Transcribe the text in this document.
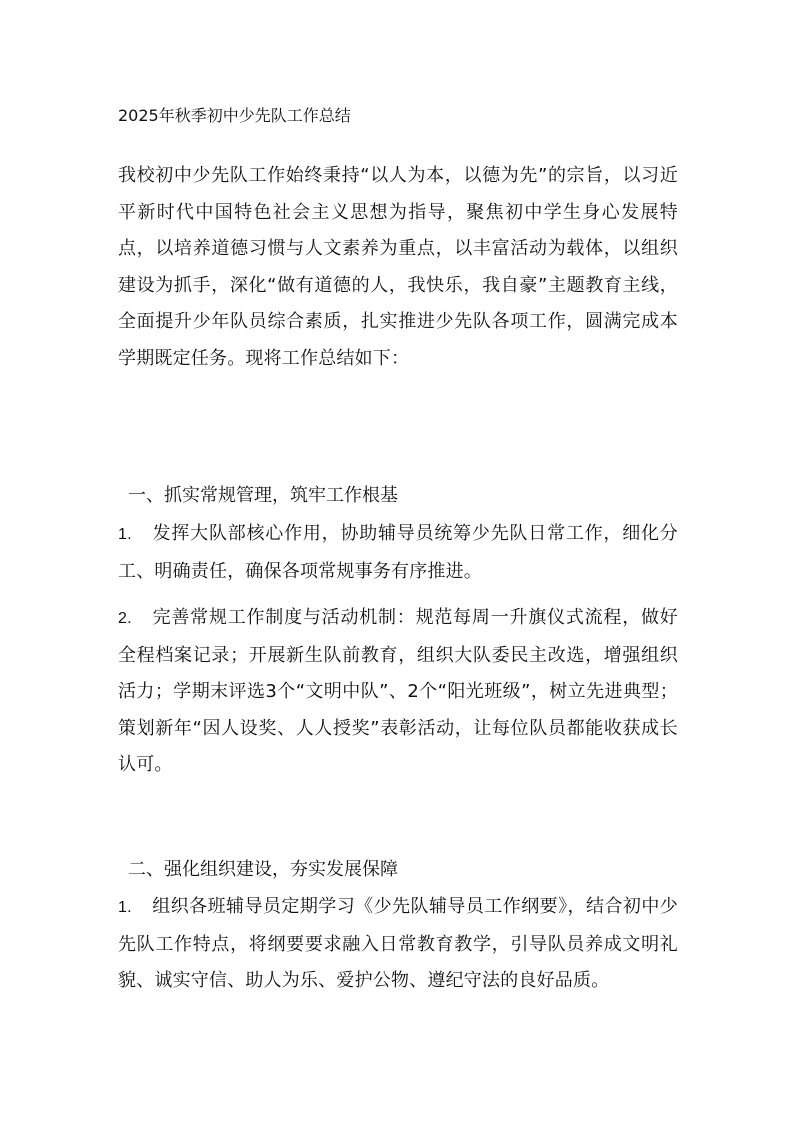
2025年秋季初中少先队工作总结

我校初中少先队工作始终秉持“以人为本，以德为先”的宗旨，以习近平新时代中国特色社会主义思想为指导，聚焦初中学生身心发展特点，以培养道德习惯与人文素养为重点，以丰富活动为载体，以组织建设为抓手，深化“做有道德的人，我快乐，我自豪”主题教育主线，全面提升少年队员综合素质，扎实推进少先队各项工作，圆满完成本学期既定任务。现将工作总结如下：

一、抓实常规管理，筑牢工作根基

1. 发挥大队部核心作用，协助辅导员统筹少先队日常工作，细化分工、明确责任，确保各项常规事务有序推进。

2. 完善常规工作制度与活动机制：规范每周一升旗仪式流程，做好全程档案记录；开展新生队前教育，组织大队委民主改选，增强组织活力；学期末评选3个“文明中队”、2个“阳光班级”，树立先进典型；策划新年“因人设奖、人人授奖”表彰活动，让每位队员都能收获成长认可。

二、强化组织建设，夯实发展保障

1. 组织各班辅导员定期学习《少先队辅导员工作纲要》，结合初中少先队工作特点，将纲要要求融入日常教育教学，引导队员养成文明礼貌、诚实守信、助人为乐、爱护公物、遵纪守法的良好品质。
